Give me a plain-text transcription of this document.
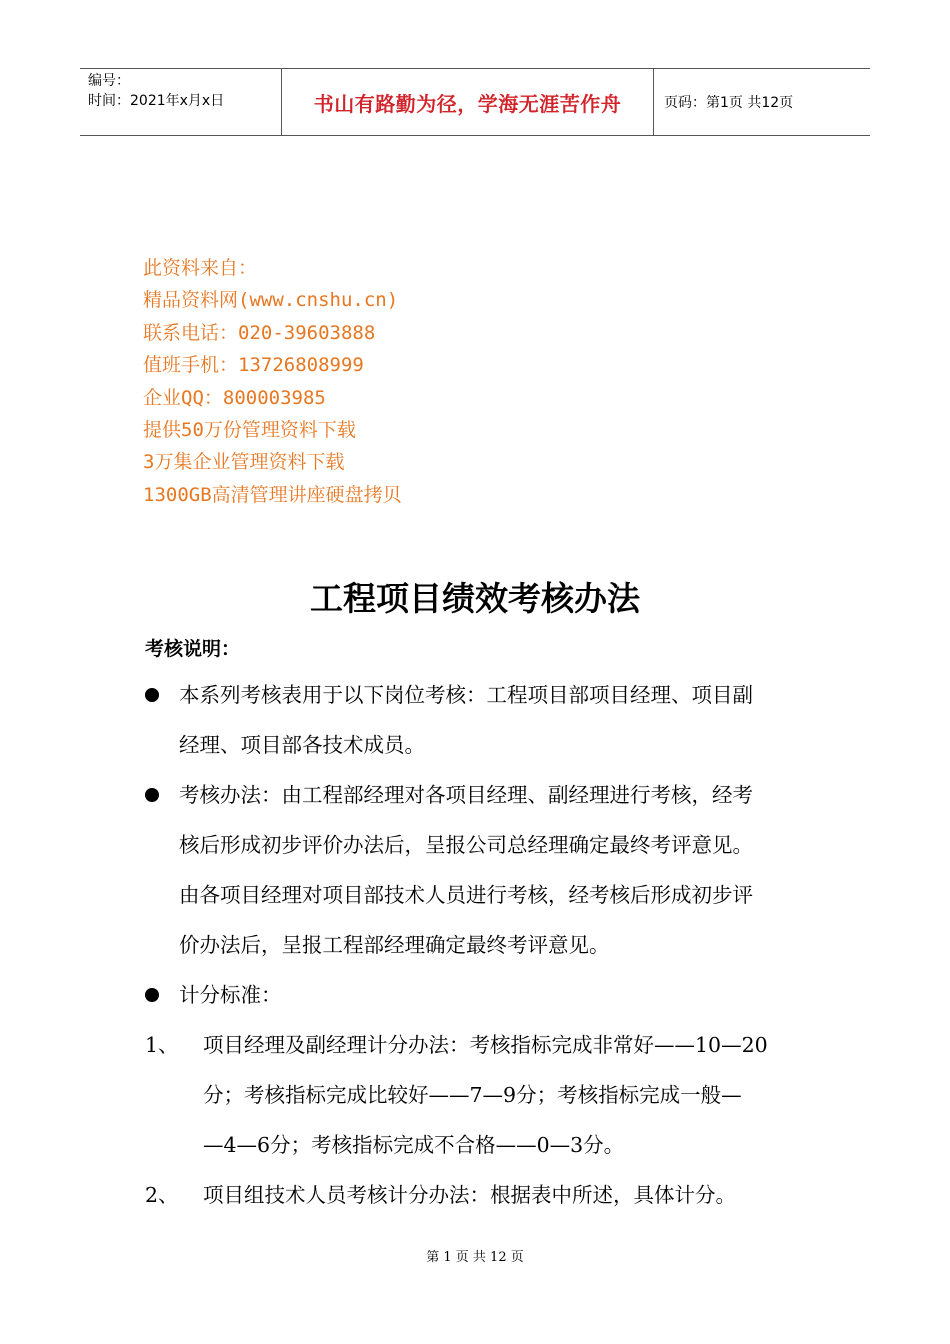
编号：
时间：2021年x月x日	书山有路勤为径，学海无涯苦作舟	页码：第1页 共12页
此资料来自：
精品资料网(www.cnshu.cn)
联系电话：020-39603888
值班手机：13726808999
企业QQ：800003985
提供50万份管理资料下载
3万集企业管理资料下载
1300GB高清管理讲座硬盘拷贝
工程项目绩效考核办法
考核说明：
本系列考核表用于以下岗位考核：工程项目部项目经理、项目副
经理、项目部各技术成员。
考核办法：由工程部经理对各项目经理、副经理进行考核，经考
核后形成初步评价办法后，呈报公司总经理确定最终考评意见。
由各项目经理对项目部技术人员进行考核，经考核后形成初步评
价办法后，呈报工程部经理确定最终考评意见。
计分标准：
1、	项目经理及副经理计分办法：考核指标完成非常好——10—20
分；考核指标完成比较好——7—9分；考核指标完成一般—
—4—6分；考核指标完成不合格——0—3分。
2、	项目组技术人员考核计分办法：根据表中所述，具体计分。
第 1 页 共 12 页
